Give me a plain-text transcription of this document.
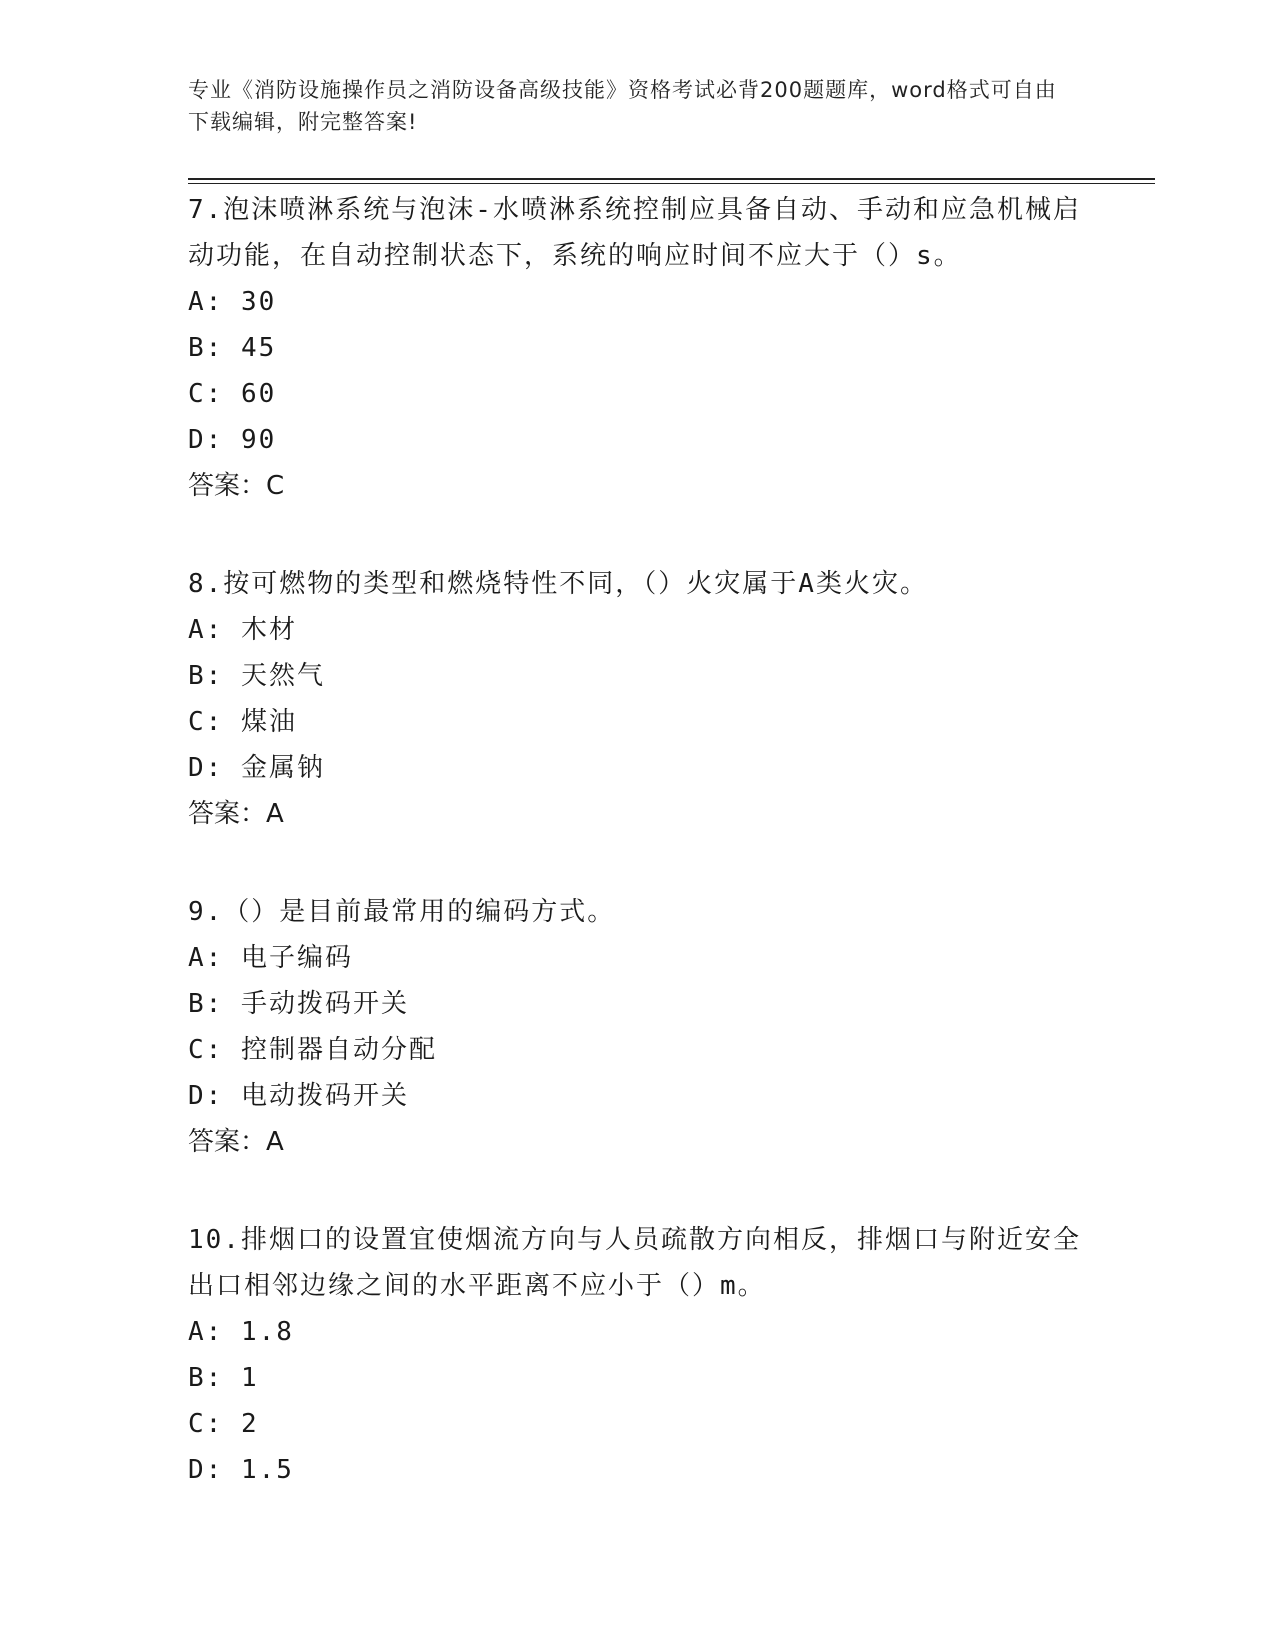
专业《消防设施操作员之消防设备高级技能》资格考试必背200题题库，word格式可自由下载编辑，附完整答案!

7.泡沫喷淋系统与泡沫-水喷淋系统控制应具备自动、手动和应急机械启动功能，在自动控制状态下，系统的响应时间不应大于（）s。

A: 30

B: 45

C: 60

D: 90

答案：C

8.按可燃物的类型和燃烧特性不同，（）火灾属于A类火灾。

A: 木材

B: 天然气

C: 煤油

D: 金属钠

答案：A

9.（）是目前最常用的编码方式。

A: 电子编码

B: 手动拨码开关

C: 控制器自动分配

D: 电动拨码开关

答案：A

10.排烟口的设置宜使烟流方向与人员疏散方向相反，排烟口与附近安全出口相邻边缘之间的水平距离不应小于（）m。

A: 1.8

B: 1

C: 2

D: 1.5
